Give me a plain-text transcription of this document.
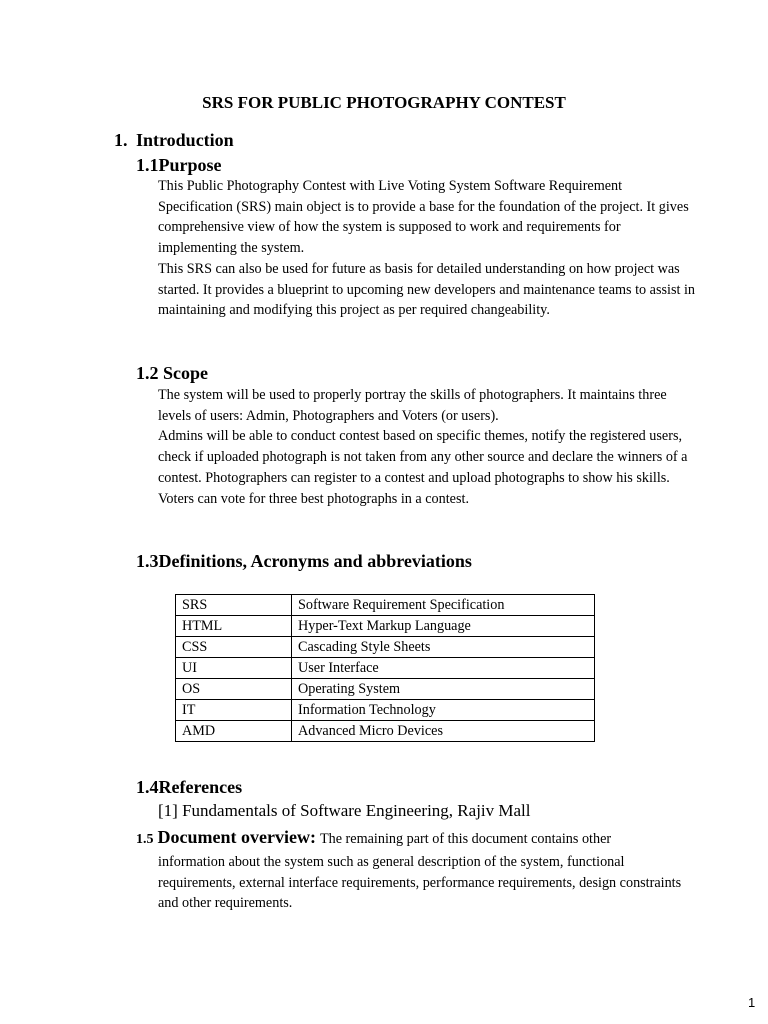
SRS FOR PUBLIC PHOTOGRAPHY CONTEST
1. Introduction
1.1Purpose

This Public Photography Contest with Live Voting System Software Requirement Specification (SRS) main object is to provide a base for the foundation of the project. It gives comprehensive view of how the system is supposed to work and requirements for implementing the system.

This SRS can also be used for future as basis for detailed understanding on how project was started. It provides a blueprint to upcoming new developers and maintenance teams to assist in maintaining and modifying this project as per required changeability.

1.2 Scope

The system will be used to properly portray the skills of photographers. It maintains three levels of users: Admin, Photographers and Voters (or users).

Admins will be able to conduct contest based on specific themes, notify the registered users, check if uploaded photograph is not taken from any other source and declare the winners of a contest. Photographers can register to a contest and upload photographs to show his skills. Voters can vote for three best photographs in a contest.

1.3Definitions, Acronyms and abbreviations
SRS	Software Requirement Specification
HTML	Hyper-Text Markup Language
CSS	Cascading Style Sheets
UI	User Interface
OS	Operating System
IT	Information Technology
AMD	Advanced Micro Devices
1.4References
[1] Fundamentals of Software Engineering, Rajiv Mall
1.5 Document overview: The remaining part of this document contains other
information about the system such as general description of the system, functional requirements, external interface requirements, performance requirements, design constraints and other requirements.
1
